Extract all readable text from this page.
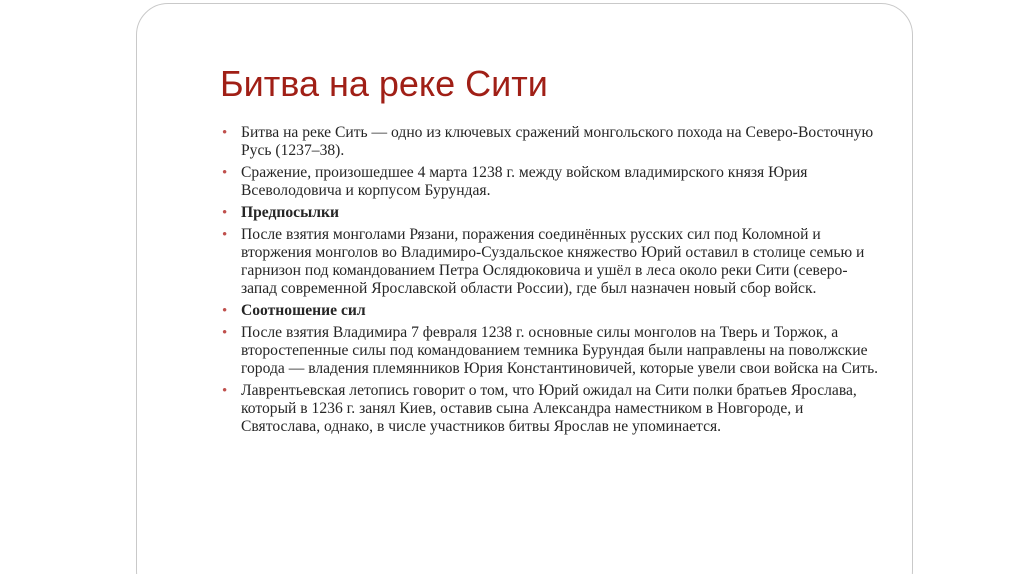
Битва на реке Сити
• Битва на реке Сить — одно из ключевых сражений монгольского похода на Северо-Восточную Русь (1237–38).
• Сражение, произошедшее 4 марта 1238 г. между войском владимирского князя Юрия Всеволодовича и корпусом Бурундая.
• Предпосылки
• После взятия монголами Рязани, поражения соединённых русских сил под Коломной и вторжения монголов во Владимиро-Суздальское княжество Юрий оставил в столице семью и гарнизон под командованием Петра Ослядюковича и ушёл в леса около реки Сити (северо-запад современной Ярославской области России), где был назначен новый сбор войск.
• Соотношение сил
• После взятия Владимира 7 февраля 1238 г. основные силы монголов на Тверь и Торжок, а второстепенные силы под командованием темника Бурундая были направлены на поволжские города — владения племянников Юрия Константиновичей, которые увели свои войска на Сить.
• Лаврентьевская летопись говорит о том, что Юрий ожидал на Сити полки братьев Ярослава, который в 1236 г. занял Киев, оставив сына Александра наместником в Новгороде, и Святослава, однако, в числе участников битвы Ярослав не упоминается.
